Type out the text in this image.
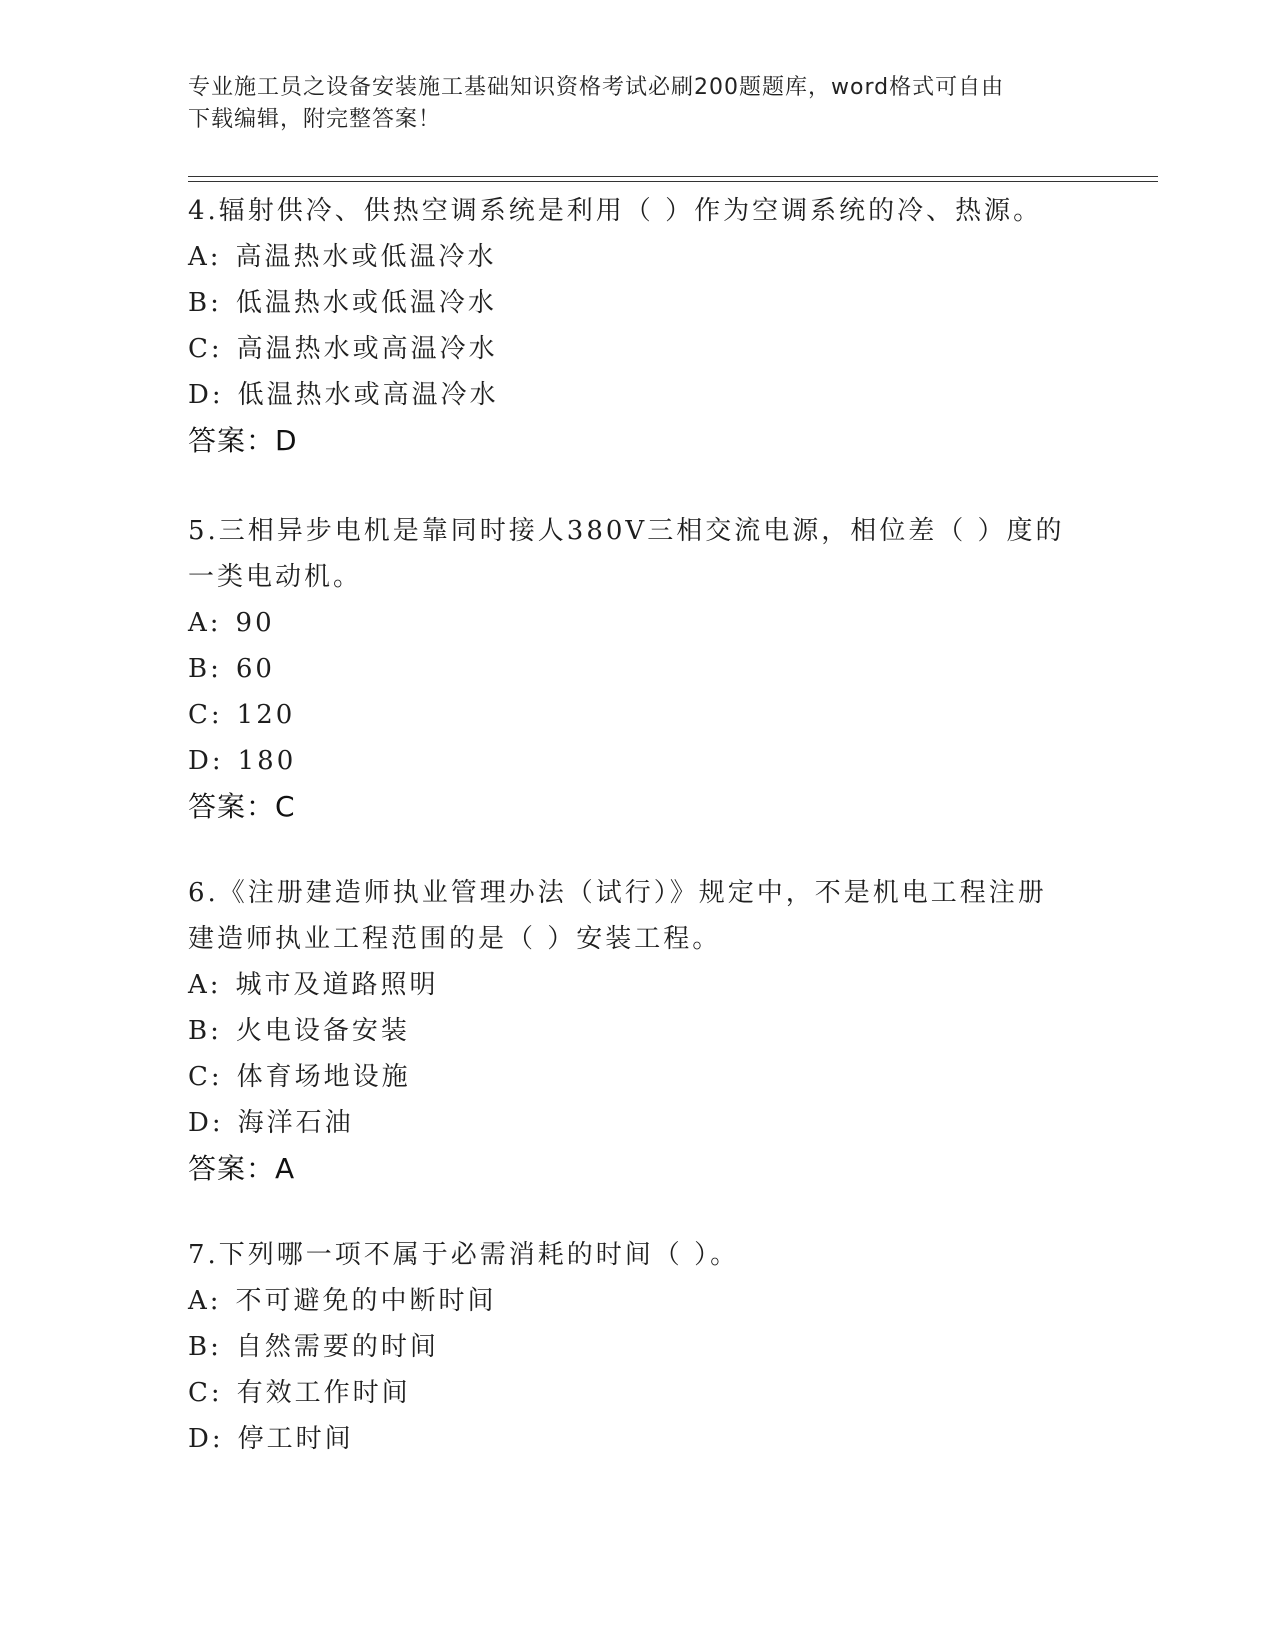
专业施工员之设备安装施工基础知识资格考试必刷200题题库，word格式可自由
下载编辑，附完整答案！
4.辐射供冷、供热空调系统是利用（ ）作为空调系统的冷、热源。
A: 高温热水或低温冷水
B: 低温热水或低温冷水
C: 高温热水或高温冷水
D: 低温热水或高温冷水
答案：D
5.三相异步电机是靠同时接人380V三相交流电源，相位差（ ）度的
一类电动机。
A: 90
B: 60
C: 120
D: 180
答案：C
6.《注册建造师执业管理办法（试行）》规定中，不是机电工程注册
建造师执业工程范围的是（ ）安装工程。
A: 城市及道路照明
B: 火电设备安装
C: 体育场地设施
D: 海洋石油
答案：A
7.下列哪一项不属于必需消耗的时间（ ）。
A: 不可避免的中断时间
B: 自然需要的时间
C: 有效工作时间
D: 停工时间
